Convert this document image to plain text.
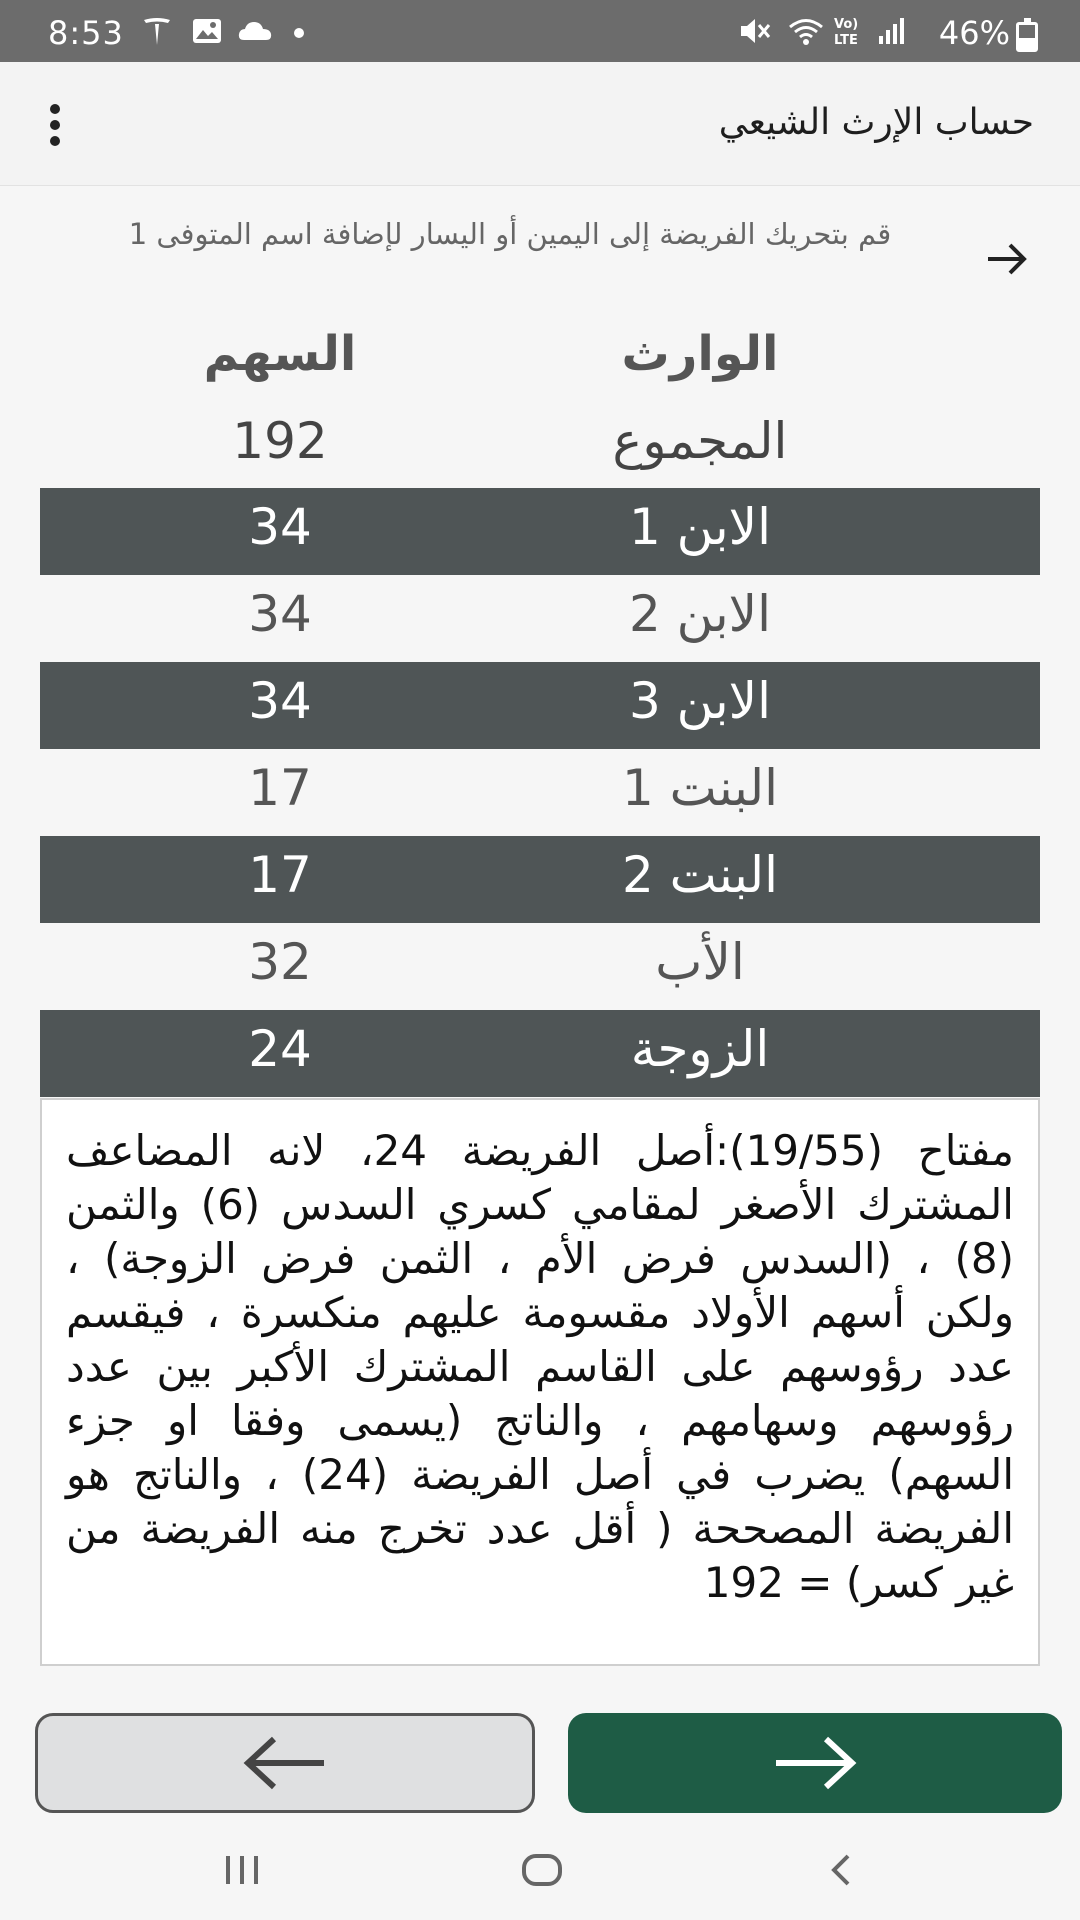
8:53	Vo)
LTE	46%
حساب الإرث الشيعي
قم بتحريك الفريضة إلى اليمين أو اليسار لإضافة اسم المتوفى 1
الوارث
السهم
المجموع
192
الابن 1
34
الابن 2
34
الابن 3
34
البنت 1
17
البنت 2
17
الأب
32
الزوجة
24
مفتاح (19/55):أصل الفريضة 24، لانه المضاعف المشترك الأصغر لمقامي كسري السدس (6) والثمن (8) ، (السدس فرض الأم ، الثمن فرض الزوجة) ، ولكن أسهم الأولاد مقسومة عليهم منكسرة ، فيقسم عدد رؤوسهم على القاسم المشترك الأكبر بين عدد رؤوسهم وسهامهم ، والناتج (يسمى وفقا او جزء السهم) يضرب في أصل الفريضة (24) ، والناتج هو الفريضة المصححة ( أقل عدد تخرج منه الفريضة من غير كسر) = 192
